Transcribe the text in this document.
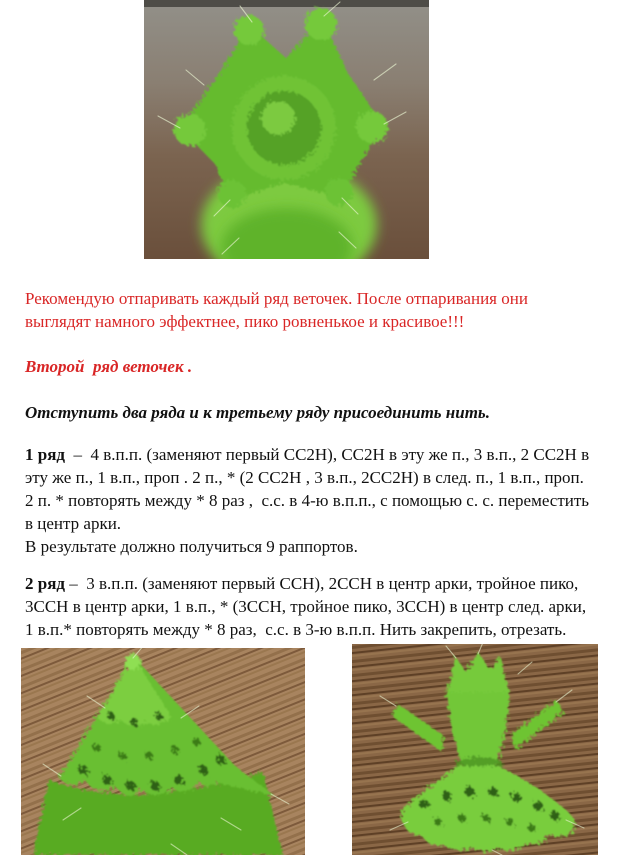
Рекомендую отпаривать каждый ряд веточек. После отпаривания они
выглядят намного эффектнее, пико ровненькое и красивое!!!
Второй  ряд веточек .
Отступить два ряда и к третьему ряду присоединить нить.
1 ряд  –  4 в.п.п. (заменяют первый СС2Н), СС2Н в эту же п., 3 в.п., 2 СС2Н в
эту же п., 1 в.п., проп . 2 п., * (2 СС2Н , 3 в.п., 2СС2Н) в след. п., 1 в.п., проп.
2 п. * повторять между * 8 раз ,  с.с. в 4-ю в.п.п., с помощью с. с. переместить
в центр арки.
В результате должно получиться 9 раппортов.
2 ряд –  3 в.п.п. (заменяют первый ССН), 2ССН в центр арки, тройное пико,
3ССН в центр арки, 1 в.п., * (3ССН, тройное пико, 3ССН) в центр след. арки,
1 в.п.* повторять между * 8 раз,  с.с. в 3-ю в.п.п. Нить закрепить, отрезать.
